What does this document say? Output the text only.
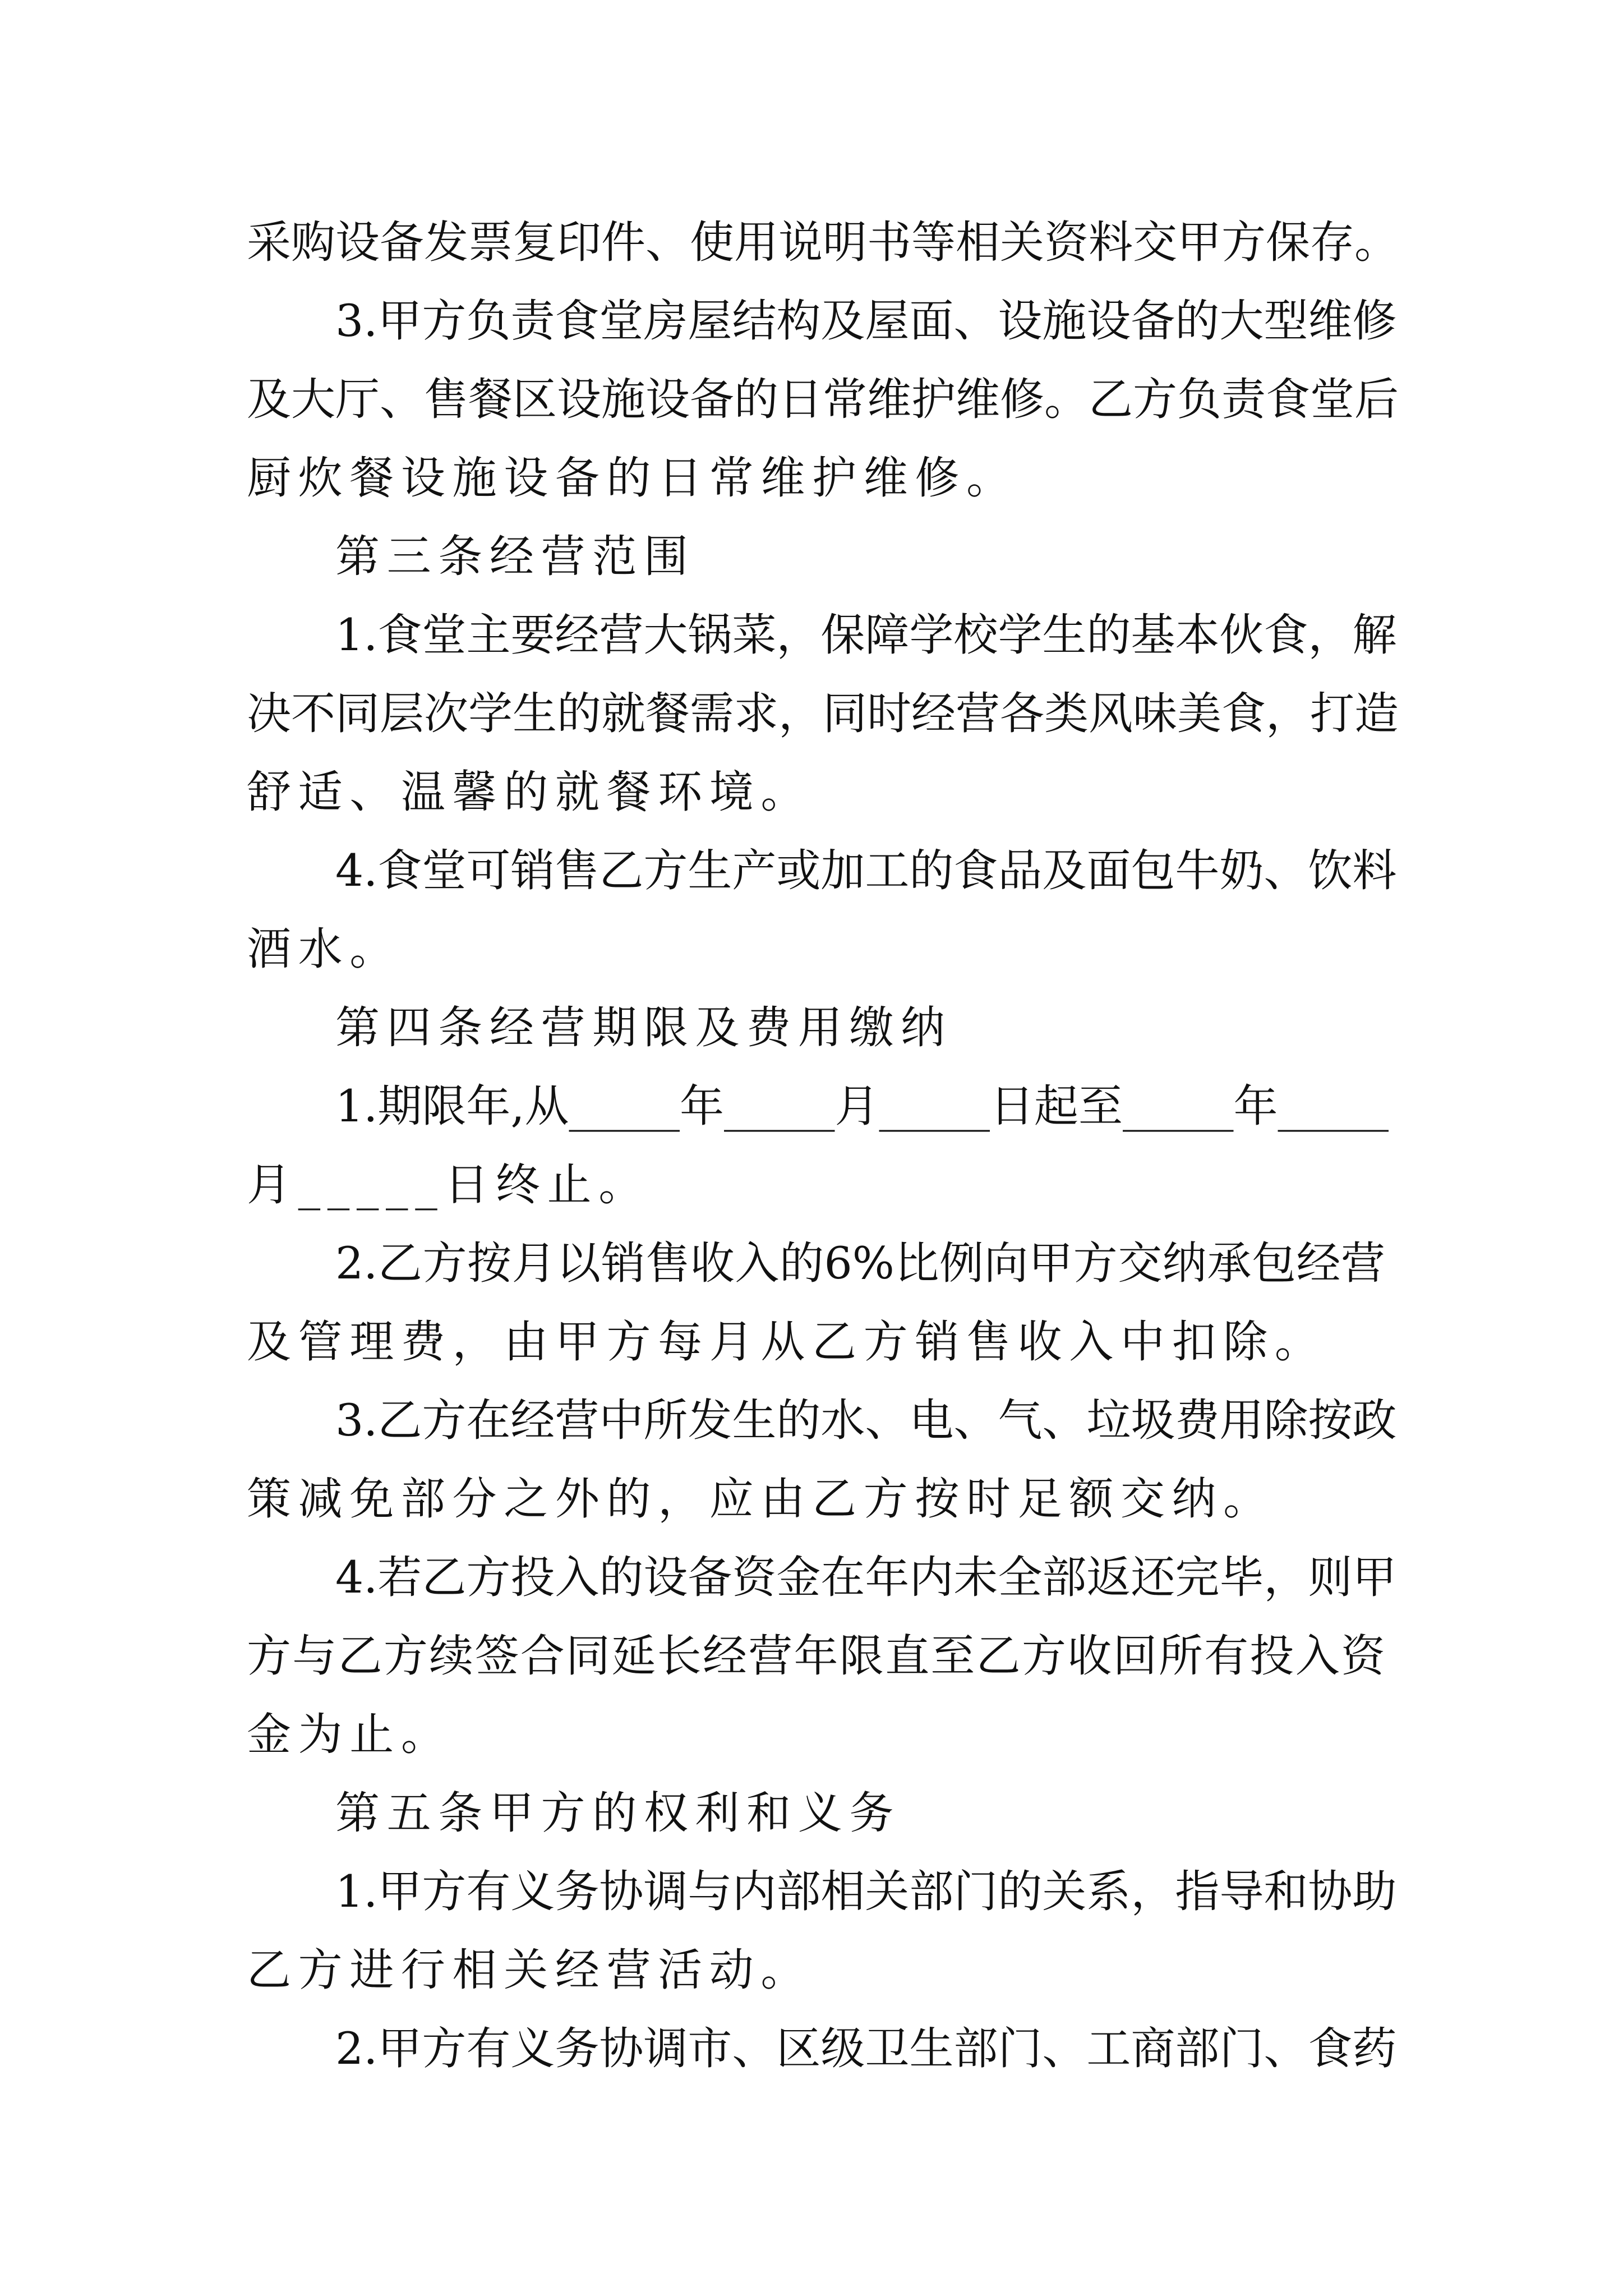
采购设备发票复印件、使用说明书等相关资料交甲方保存。

3.甲方负责食堂房屋结构及屋面、设施设备的大型维修

及大厅、售餐区设施设备的日常维护维修。乙方负责食堂后

厨炊餐设施设备的日常维护维修。

第三条经营范围

1.食堂主要经营大锅菜，保障学校学生的基本伙食，解

决不同层次学生的就餐需求，同时经营各类风味美食，打造

舒适、温馨的就餐环境。

4.食堂可销售乙方生产或加工的食品及面包牛奶、饮料

酒水。

第四条经营期限及费用缴纳

1.期限年,从_____年_____月_____日起至_____年_____

月_____日终止。

2.乙方按月以销售收入的6%比例向甲方交纳承包经营

及管理费，由甲方每月从乙方销售收入中扣除。

3.乙方在经营中所发生的水、电、气、垃圾费用除按政

策减免部分之外的，应由乙方按时足额交纳。

4.若乙方投入的设备资金在年内未全部返还完毕，则甲

方与乙方续签合同延长经营年限直至乙方收回所有投入资

金为止。

第五条甲方的权利和义务

1.甲方有义务协调与内部相关部门的关系，指导和协助

乙方进行相关经营活动。

2.甲方有义务协调市、区级卫生部门、工商部门、食药
